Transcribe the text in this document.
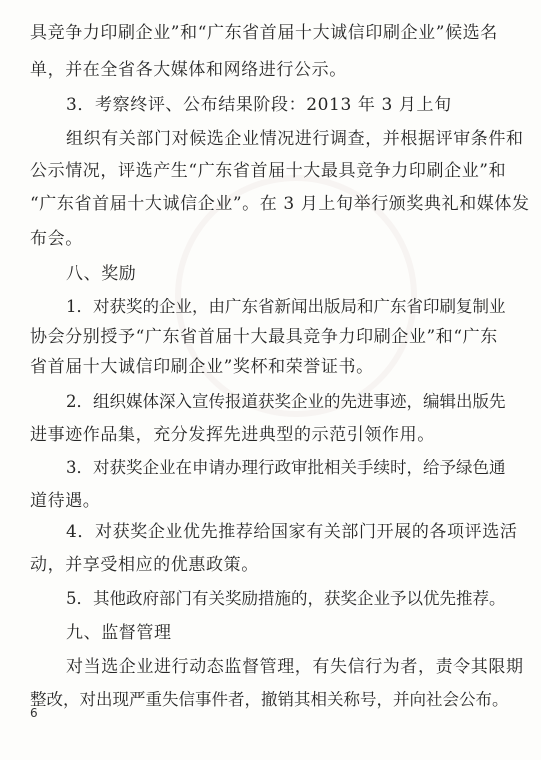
具竞争力印刷企业”和“广东省首届十大诚信印刷企业”候选名
单，并在全省各大媒体和网络进行公示。
3．考察终评、公布结果阶段：2013 年 3 月上旬
组织有关部门对候选企业情况进行调查，并根据评审条件和
公示情况，评选产生“广东省首届十大最具竞争力印刷企业”和
“广东省首届十大诚信企业”。在 3 月上旬举行颁奖典礼和媒体发
布会。
八、奖励
1．对获奖的企业，由广东省新闻出版局和广东省印刷复制业
协会分别授予“广东省首届十大最具竞争力印刷企业”和“广东
省首届十大诚信印刷企业”奖杯和荣誉证书。
2．组织媒体深入宣传报道获奖企业的先进事迹，编辑出版先
进事迹作品集，充分发挥先进典型的示范引领作用。
3．对获奖企业在申请办理行政审批相关手续时，给予绿色通
道待遇。
4．对获奖企业优先推荐给国家有关部门开展的各项评选活
动，并享受相应的优惠政策。
5．其他政府部门有关奖励措施的，获奖企业予以优先推荐。
九、监督管理
对当选企业进行动态监督管理，有失信行为者，责令其限期
整改，对出现严重失信事件者，撤销其相关称号，并向社会公布。
6
